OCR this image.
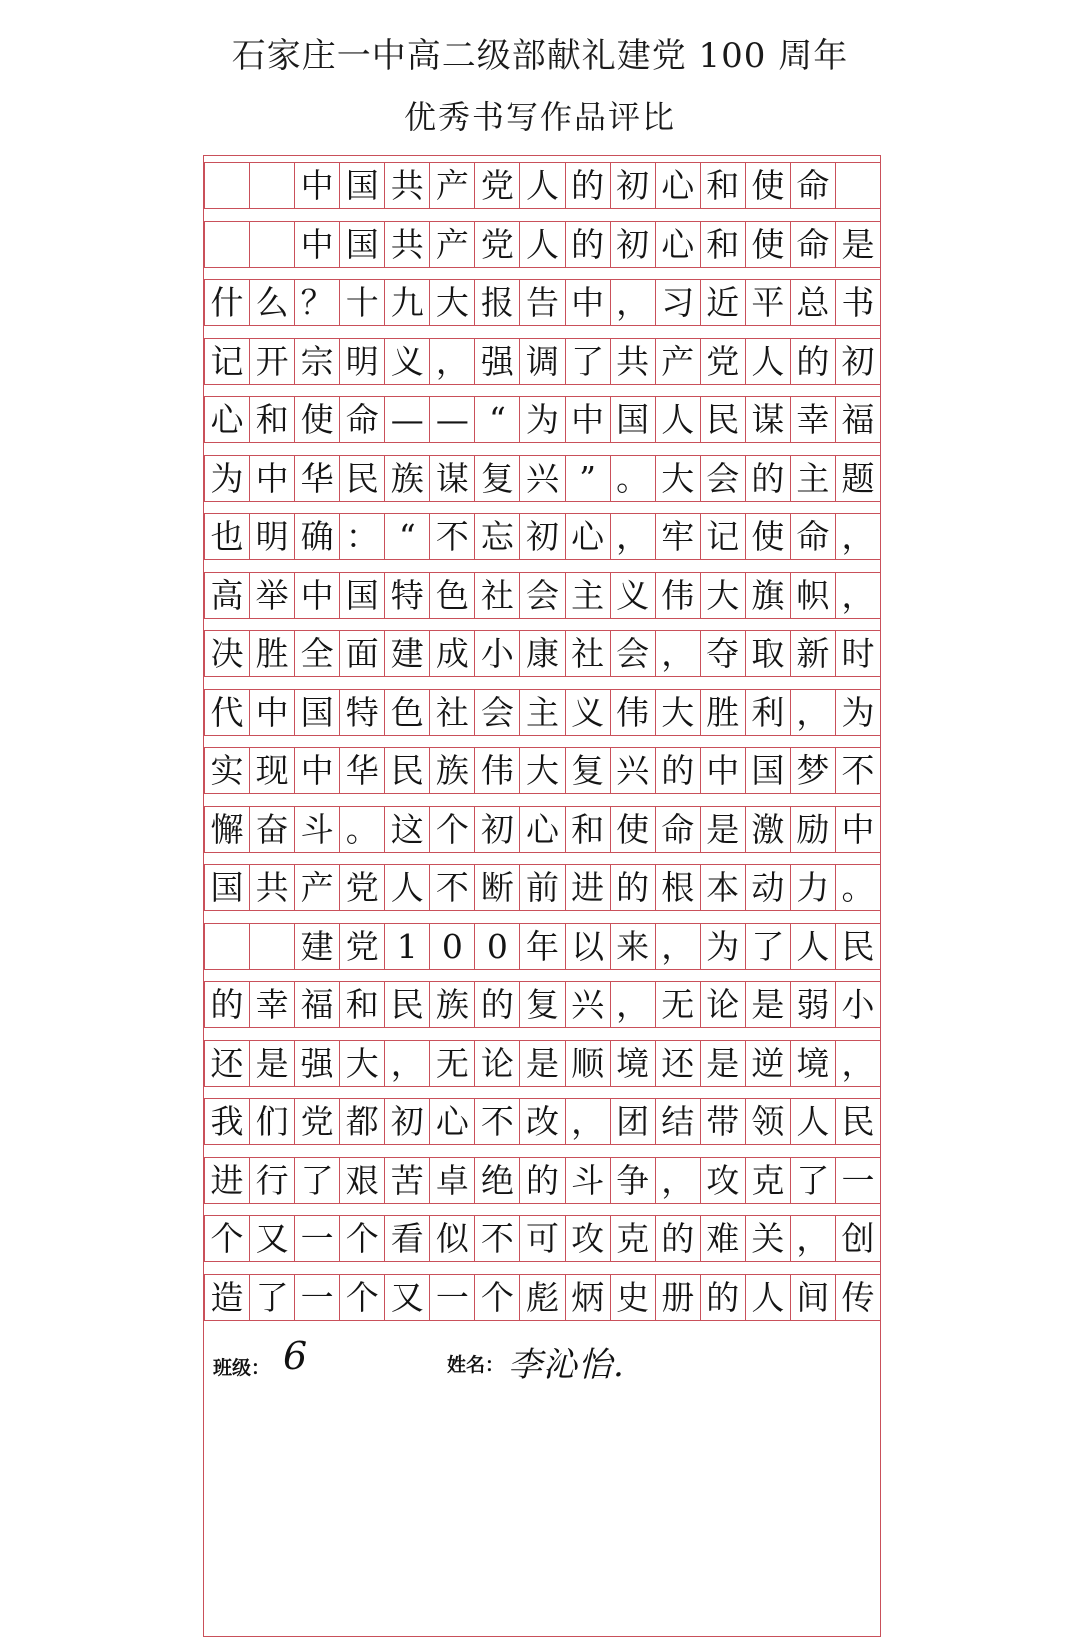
石家庄一中高二级部献礼建党 100 周年
优秀书写作品评比
中 国 共 产 党 人 的 初 心 和 使 命
中 国 共 产 党 人 的 初 心 和 使 命 是
什 么 ？ 十 九 大 报 告 中 ， 习 近 平 总 书
记 开 宗 明 义 ， 强 调 了 共 产 党 人 的 初
心 和 使 命 — — “ 为 中 国 人 民 谋 幸 福
为 中 华 民 族 谋 复 兴 ” 。 大 会 的 主 题
也 明 确 ： “ 不 忘 初 心 ， 牢 记 使 命 ，
高 举 中 国 特 色 社 会 主 义 伟 大 旗 帜 ，
决 胜 全 面 建 成 小 康 社 会 ， 夺 取 新 时
代 中 国 特 色 社 会 主 义 伟 大 胜 利 ， 为
实 现 中 华 民 族 伟 大 复 兴 的 中 国 梦 不
懈 奋 斗 。 这 个 初 心 和 使 命 是 激 励 中
国 共 产 党 人 不 断 前 进 的 根 本 动 力 。
建 党 1 0 0 年 以 来 ， 为 了 人 民
的 幸 福 和 民 族 的 复 兴 ， 无 论 是 弱 小
还 是 强 大 ， 无 论 是 顺 境 还 是 逆 境 ，
我 们 党 都 初 心 不 改 ， 团 结 带 领 人 民
进 行 了 艰 苦 卓 绝 的 斗 争 ， 攻 克 了 一
个 又 一 个 看 似 不 可 攻 克 的 难 关 ， 创
造 了 一 个 又 一 个 彪 炳 史 册 的 人 间 传
班级： 6	姓名： 李沁怡.
